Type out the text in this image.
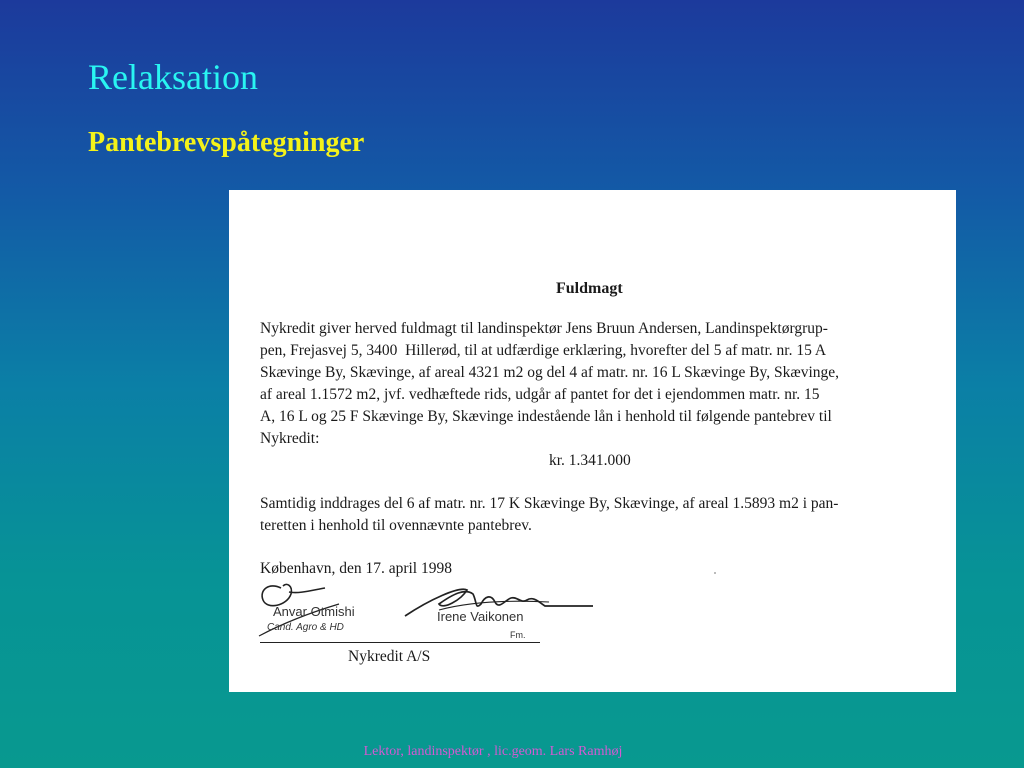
Relaksation
Pantebrevspåtegninger
Fuldmagt

Nykredit giver herved fuldmagt til landinspektør Jens Bruun Andersen, Landinspektørgrup-
pen, Frejasvej 5, 3400  Hillerød, til at udfærdige erklæring, hvorefter del 5 af matr. nr. 15 A
Skævinge By, Skævinge, af areal 4321 m2 og del 4 af matr. nr. 16 L Skævinge By, Skævinge,
af areal 1.1572 m2, jvf. vedhæftede rids, udgår af pantet for det i ejendommen matr. nr. 15
A, 16 L og 25 F Skævinge By, Skævinge indestående lån i henhold til følgende pantebrev til
Nykredit:

kr. 1.341.000

Samtidig inddrages del 6 af matr. nr. 17 K Skævinge By, Skævinge, af areal 1.5893 m2 i pan-
teretten i henhold til ovennævnte pantebrev.

København, den 17. april 1998
Anvar Otmishi
Cand. Agro & HD
Irene Vaikonen
Fm.
Nykredit A/S
Lektor, landinspektør , lic.geom. Lars Ramhøj
